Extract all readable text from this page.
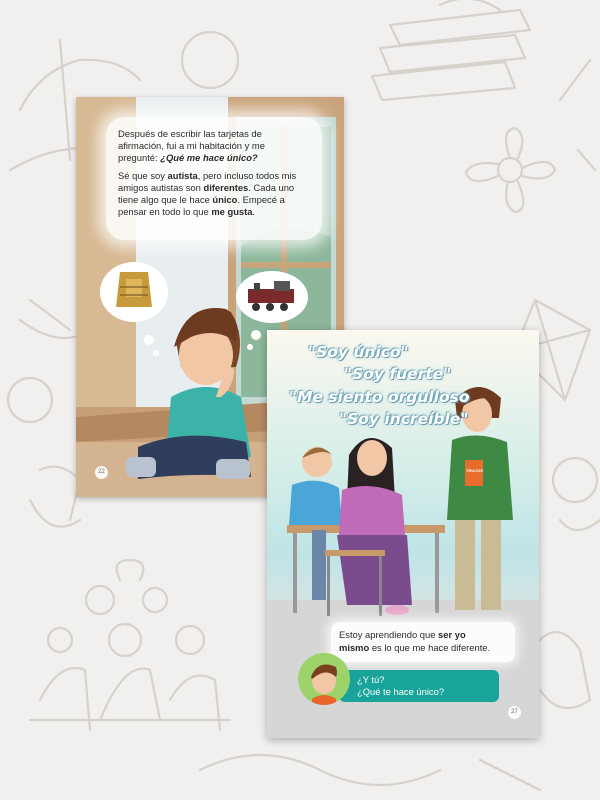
Después de escribir las tarjetas de
afirmación, fui a mi habitación y me
pregunté: ¿Qué me hace único?

Sé que soy autista, pero incluso todos mis
amigos autistas son diferentes. Cada uno
tiene algo que le hace único. Empecé a
pensar en todo lo que me gusta.

22
"Soy único"
"Soy fuerte"
"Me siento orgulloso
"Soy increíble"
TRUCOS
Estoy aprendiendo que ser yo
mismo es lo que me hace diferente.
¿Y tú?
¿Qué te hace único?
27
